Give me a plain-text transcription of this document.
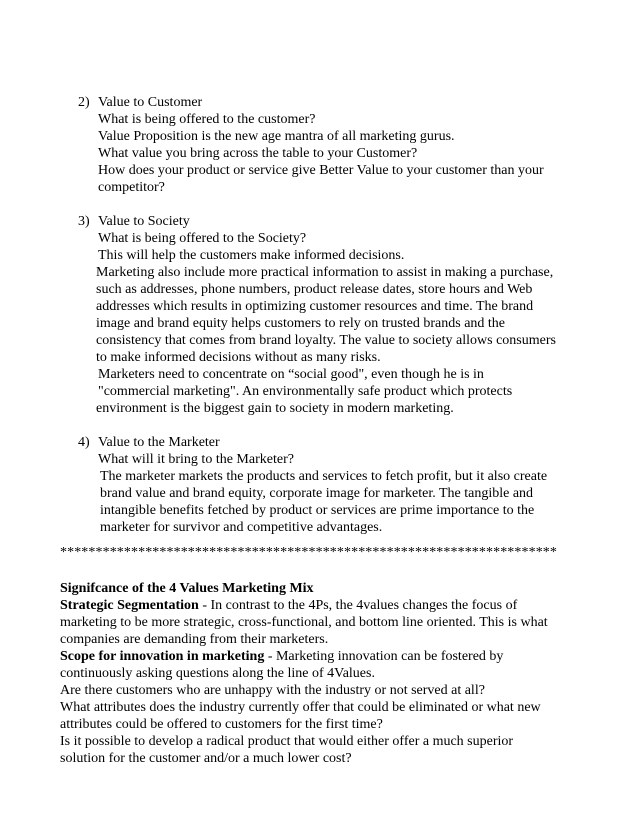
2) Value to Customer
What is being offered to the customer?
Value Proposition is the new age mantra of all marketing gurus.
What value you bring across the table to your Customer?
How does your product or service give Better Value to your customer than your
competitor?
3) Value to Society
What is being offered to the Society?
This will help the customers make informed decisions.
Marketing also include more practical information to assist in making a purchase,
such as addresses, phone numbers, product release dates, store hours and Web
addresses which results in optimizing customer resources and time. The brand
image and brand equity helps customers to rely on trusted brands and the
consistency that comes from brand loyalty. The value to society allows consumers
to make informed decisions without as many risks.
Marketers need to concentrate on “social good", even though he is in
"commercial marketing". An environmentally safe product which protects
environment is the biggest gain to society in modern marketing.
4) Value to the Marketer
What will it bring to the Marketer?
The marketer markets the products and services to fetch profit, but it also create
brand value and brand equity, corporate image for marketer. The tangible and
intangible benefits fetched by product or services are prime importance to the
marketer for survivor and competitive advantages.
**********************************************************************
Signifcance of the 4 Values Marketing Mix
Strategic Segmentation - In contrast to the 4Ps, the 4values changes the focus of
marketing to be more strategic, cross-functional, and bottom line oriented. This is what
companies are demanding from their marketers.
Scope for innovation in marketing - Marketing innovation can be fostered by
continuously asking questions along the line of 4Values.
Are there customers who are unhappy with the industry or not served at all?
What attributes does the industry currently offer that could be eliminated or what new
attributes could be offered to customers for the first time?
Is it possible to develop a radical product that would either offer a much superior
solution for the customer and/or a much lower cost?
